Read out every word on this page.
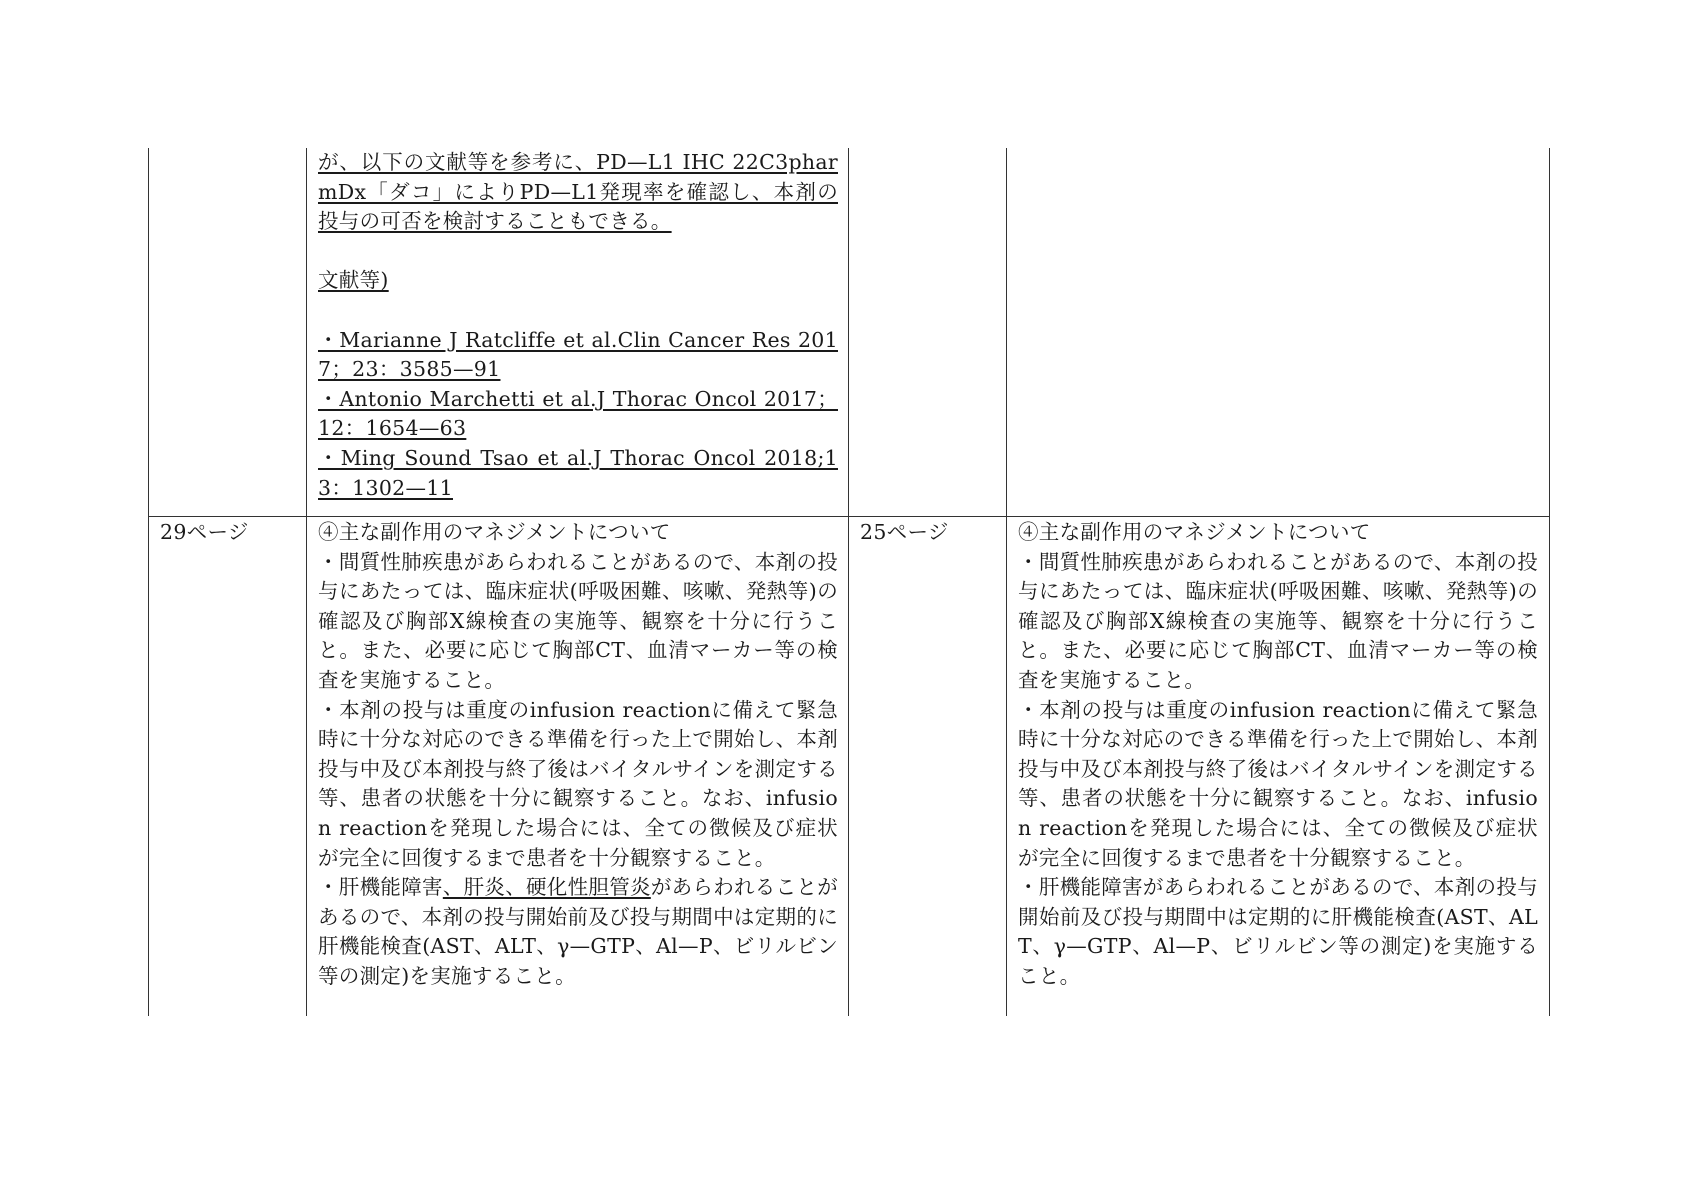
が、以下の文献等を参考に、PD—L1 IHC 22C3pharmDx「ダコ」によりPD—L1発現率を確認し、本剤の投与の可否を検討することもできる。

文献等)

・Marianne J Ratcliffe et al.Clin Cancer Res 2017；23：3585—91

・Antonio Marchetti et al.J Thorac Oncol 2017；12：1654—63

・Ming Sound Tsao et al.J Thorac Oncol 2018;13：1302—11

29ページ	④主な副作用のマネジメントについて

・間質性肺疾患があらわれることがあるので、本剤の投与にあたっては、臨床症状(呼吸困難、咳嗽、発熱等)の確認及び胸部X線検査の実施等、観察を十分に行うこと。また、必要に応じて胸部CT、血清マーカー等の検査を実施すること。

・本剤の投与は重度のinfusion reactionに備えて緊急時に十分な対応のできる準備を行った上で開始し、本剤投与中及び本剤投与終了後はバイタルサインを測定する等、患者の状態を十分に観察すること。なお、infusion reactionを発現した場合には、全ての徴候及び症状が完全に回復するまで患者を十分観察すること。

・肝機能障害、肝炎、硬化性胆管炎があらわれることがあるので、本剤の投与開始前及び投与期間中は定期的に肝機能検査(AST、ALT、γ—GTP、Al—P、ビリルビン等の測定)を実施すること。

25ページ	④主な副作用のマネジメントについて

・間質性肺疾患があらわれることがあるので、本剤の投与にあたっては、臨床症状(呼吸困難、咳嗽、発熱等)の確認及び胸部X線検査の実施等、観察を十分に行うこと。また、必要に応じて胸部CT、血清マーカー等の検査を実施すること。

・本剤の投与は重度のinfusion reactionに備えて緊急時に十分な対応のできる準備を行った上で開始し、本剤投与中及び本剤投与終了後はバイタルサインを測定する等、患者の状態を十分に観察すること。なお、infusion reactionを発現した場合には、全ての徴候及び症状が完全に回復するまで患者を十分観察すること。

・肝機能障害があらわれることがあるので、本剤の投与開始前及び投与期間中は定期的に肝機能検査(AST、ALT、γ—GTP、Al—P、ビリルビン等の測定)を実施すること。
